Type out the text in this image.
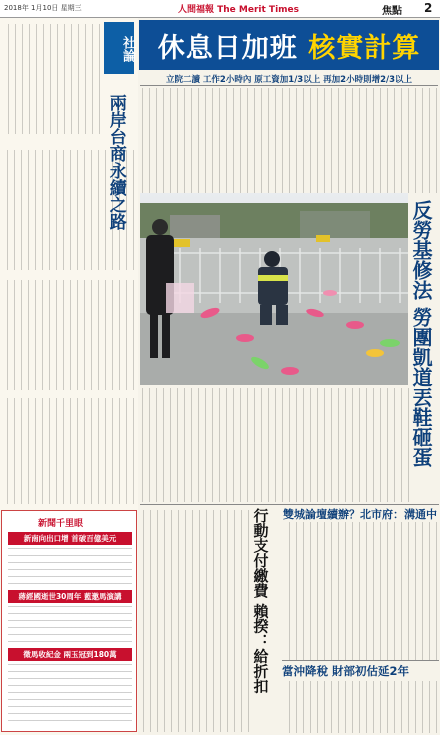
2018年 1月10日 星期三	人間福報 The Merit Times	焦點 2
社論
兩岸台商永續之路
新聞千里眼
新南向出口增 首破百億美元
蔣經國逝世30周年 藍邀馬演講
徵馬收紀金 兩玉冠到180萬
休息日加班 核實計算
立院二讀 工作2小時內 原工資加1/3以上 再加2小時則增2/3以上
反勞基修法 勞團凱道丟鞋砸蛋
行動支付繳費 賴揆：給折扣 雙城論壇續辦？北市府：溝通中
當沖降稅 財部初估延2年
